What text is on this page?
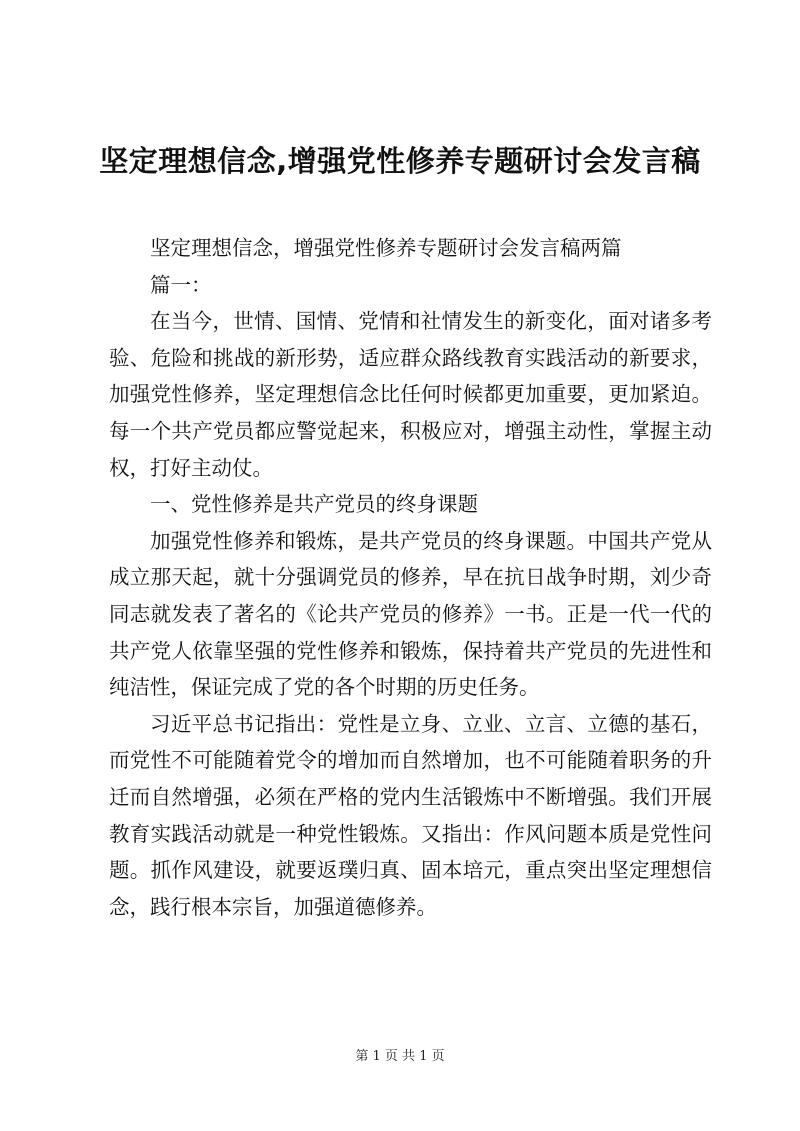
坚定理想信念,增强党性修养专题研讨会发言稿

坚定理想信念，增强党性修养专题研讨会发言稿两篇

篇一：

在当今，世情、国情、党情和社情发生的新变化，面对诸多考验、危险和挑战的新形势，适应群众路线教育实践活动的新要求，加强党性修养，坚定理想信念比任何时候都更加重要，更加紧迫。每一个共产党员都应警觉起来，积极应对，增强主动性，掌握主动权，打好主动仗。

一、党性修养是共产党员的终身课题

加强党性修养和锻炼，是共产党员的终身课题。中国共产党从成立那天起，就十分强调党员的修养，早在抗日战争时期，刘少奇同志就发表了著名的《论共产党员的修养》一书。正是一代一代的共产党人依靠坚强的党性修养和锻炼，保持着共产党员的先进性和纯洁性，保证完成了党的各个时期的历史任务。

习近平总书记指出：党性是立身、立业、立言、立德的基石，而党性不可能随着党令的增加而自然增加，也不可能随着职务的升迁而自然增强，必须在严格的党内生活锻炼中不断增强。我们开展教育实践活动就是一种党性锻炼。又指出：作风问题本质是党性问题。抓作风建设，就要返璞归真、固本培元，重点突出坚定理想信念，践行根本宗旨，加强道德修养。

第 1 页 共 1 页
